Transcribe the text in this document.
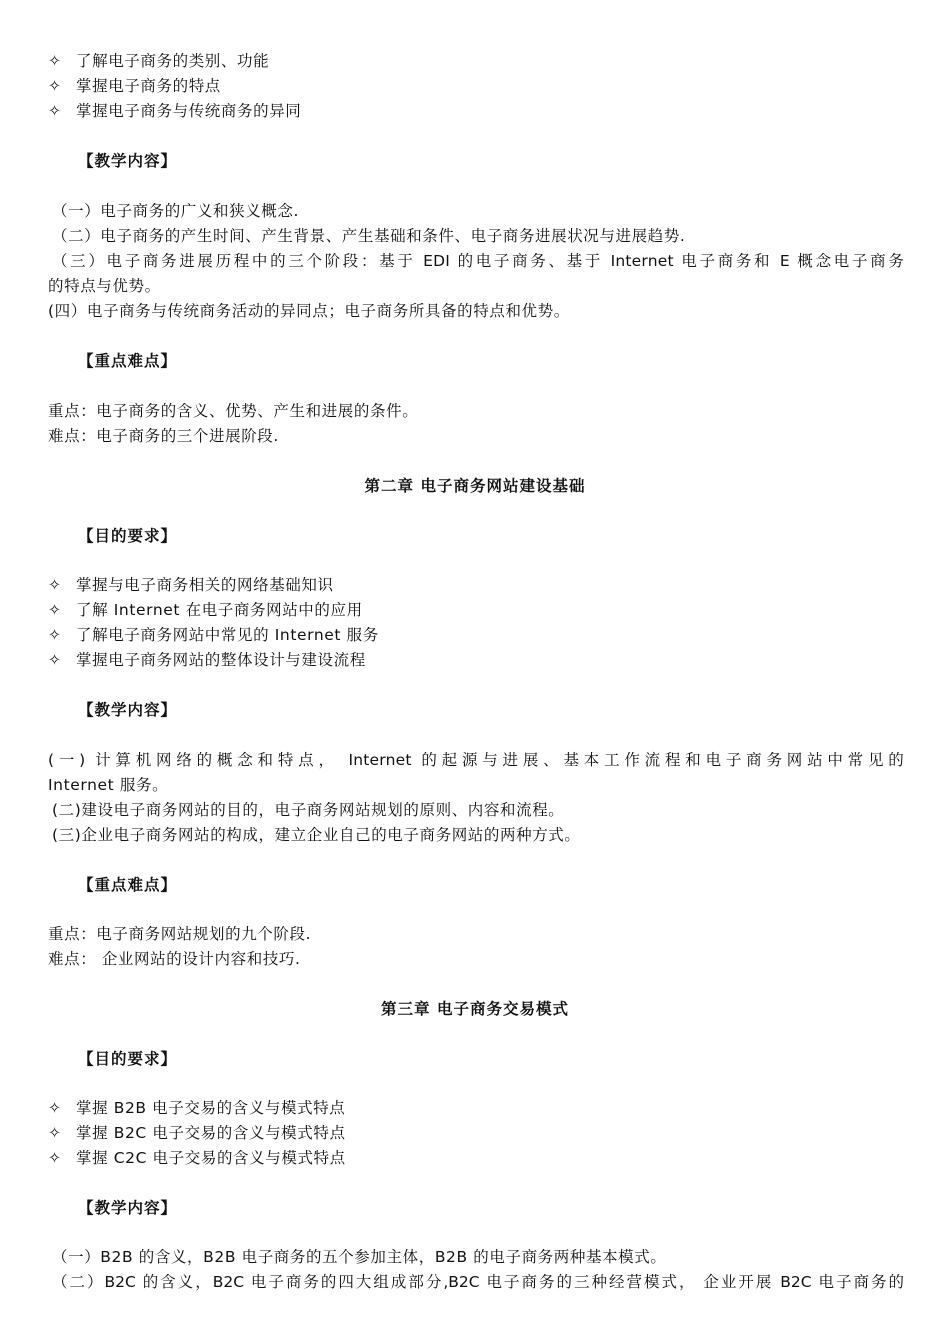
✧ 了解电子商务的类别、功能
✧ 掌握电子商务的特点
✧ 掌握电子商务与传统商务的异同
【教学内容】
（一）电子商务的广义和狭义概念.
（二）电子商务的产生时间、产生背景、产生基础和条件、电子商务进展状况与进展趋势.
（三）电子商务进展历程中的三个阶段：基于 EDI 的电子商务、基于 Internet 电子商务和 E 概念电子商务
的特点与优势。
(四）电子商务与传统商务活动的异同点；电子商务所具备的特点和优势。
【重点难点】
重点：电子商务的含义、优势、产生和进展的条件。
难点：电子商务的三个进展阶段.
第二章 电子商务网站建设基础
【目的要求】
✧ 掌握与电子商务相关的网络基础知识
✧ 了解 Internet 在电子商务网站中的应用
✧ 了解电子商务网站中常见的 Internet 服务
✧ 掌握电子商务网站的整体设计与建设流程
【教学内容】
(一) 计算机网络的概念和特点， Internet 的起源与进展、基本工作流程和电子商务网站中常见的
Internet 服务。
(二)建设电子商务网站的目的，电子商务网站规划的原则、内容和流程。
(三)企业电子商务网站的构成，建立企业自己的电子商务网站的两种方式。
【重点难点】
重点：电子商务网站规划的九个阶段.
难点： 企业网站的设计内容和技巧.
第三章 电子商务交易模式
【目的要求】
✧ 掌握 B2B 电子交易的含义与模式特点
✧ 掌握 B2C 电子交易的含义与模式特点
✧ 掌握 C2C 电子交易的含义与模式特点
【教学内容】
（一）B2B 的含义，B2B 电子商务的五个参加主体，B2B 的电子商务两种基本模式。
（二）B2C 的含义，B2C 电子商务的四大组成部分,B2C 电子商务的三种经营模式， 企业开展 B2C 电子商务的
